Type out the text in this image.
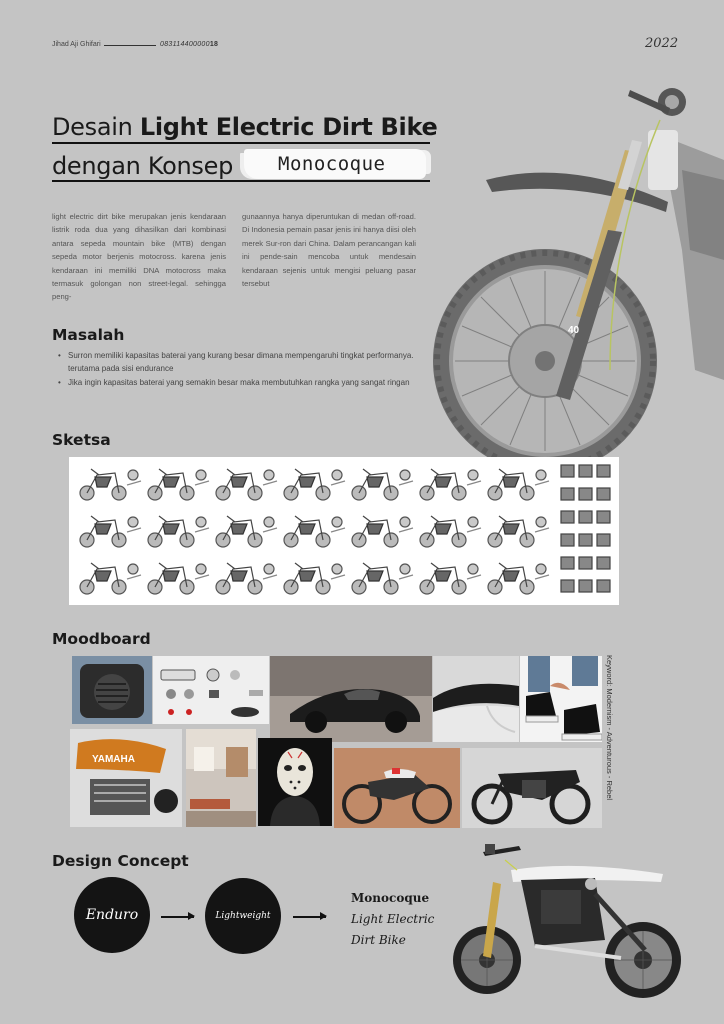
Jihad Aji Ghifari	08311440000018	2022
40
Desain Light Electric Dirt Bike
dengan Konsep Monocoque
light electric dirt bike merupakan jenis kendaraan listrik roda dua yang dihasilkan dari kombinasi antara sepeda mountain bike (MTB) dengan sepeda motor berjenis motocross. karena jenis kendaraan ini memiliki DNA motocross maka termasuk golongan non street-legal. sehingga peng-
gunaannya hanya diperuntukan di medan off-road. Di Indonesia pemain pasar jenis ini hanya diisi oleh merek Sur-ron dari China. Dalam perancangan kali ini pende-sain mencoba untuk mendesain kendaraan sejenis untuk mengisi peluang pasar tersebut
Masalah
• Surron memiliki kapasitas baterai yang kurang besar dimana mempengaruhi tingkat performanya. terutama pada sisi endurance
• Jika ingin kapasitas baterai yang semakin besar maka membutuhkan rangka yang sangat ringan
Sketsa
Moodboard
YAMAHA	Keyword: Modernism - Adventurous - Rebel
Design Concept
Enduro	Lightweight
Monocoque
Light Electric
Dirt Bike
